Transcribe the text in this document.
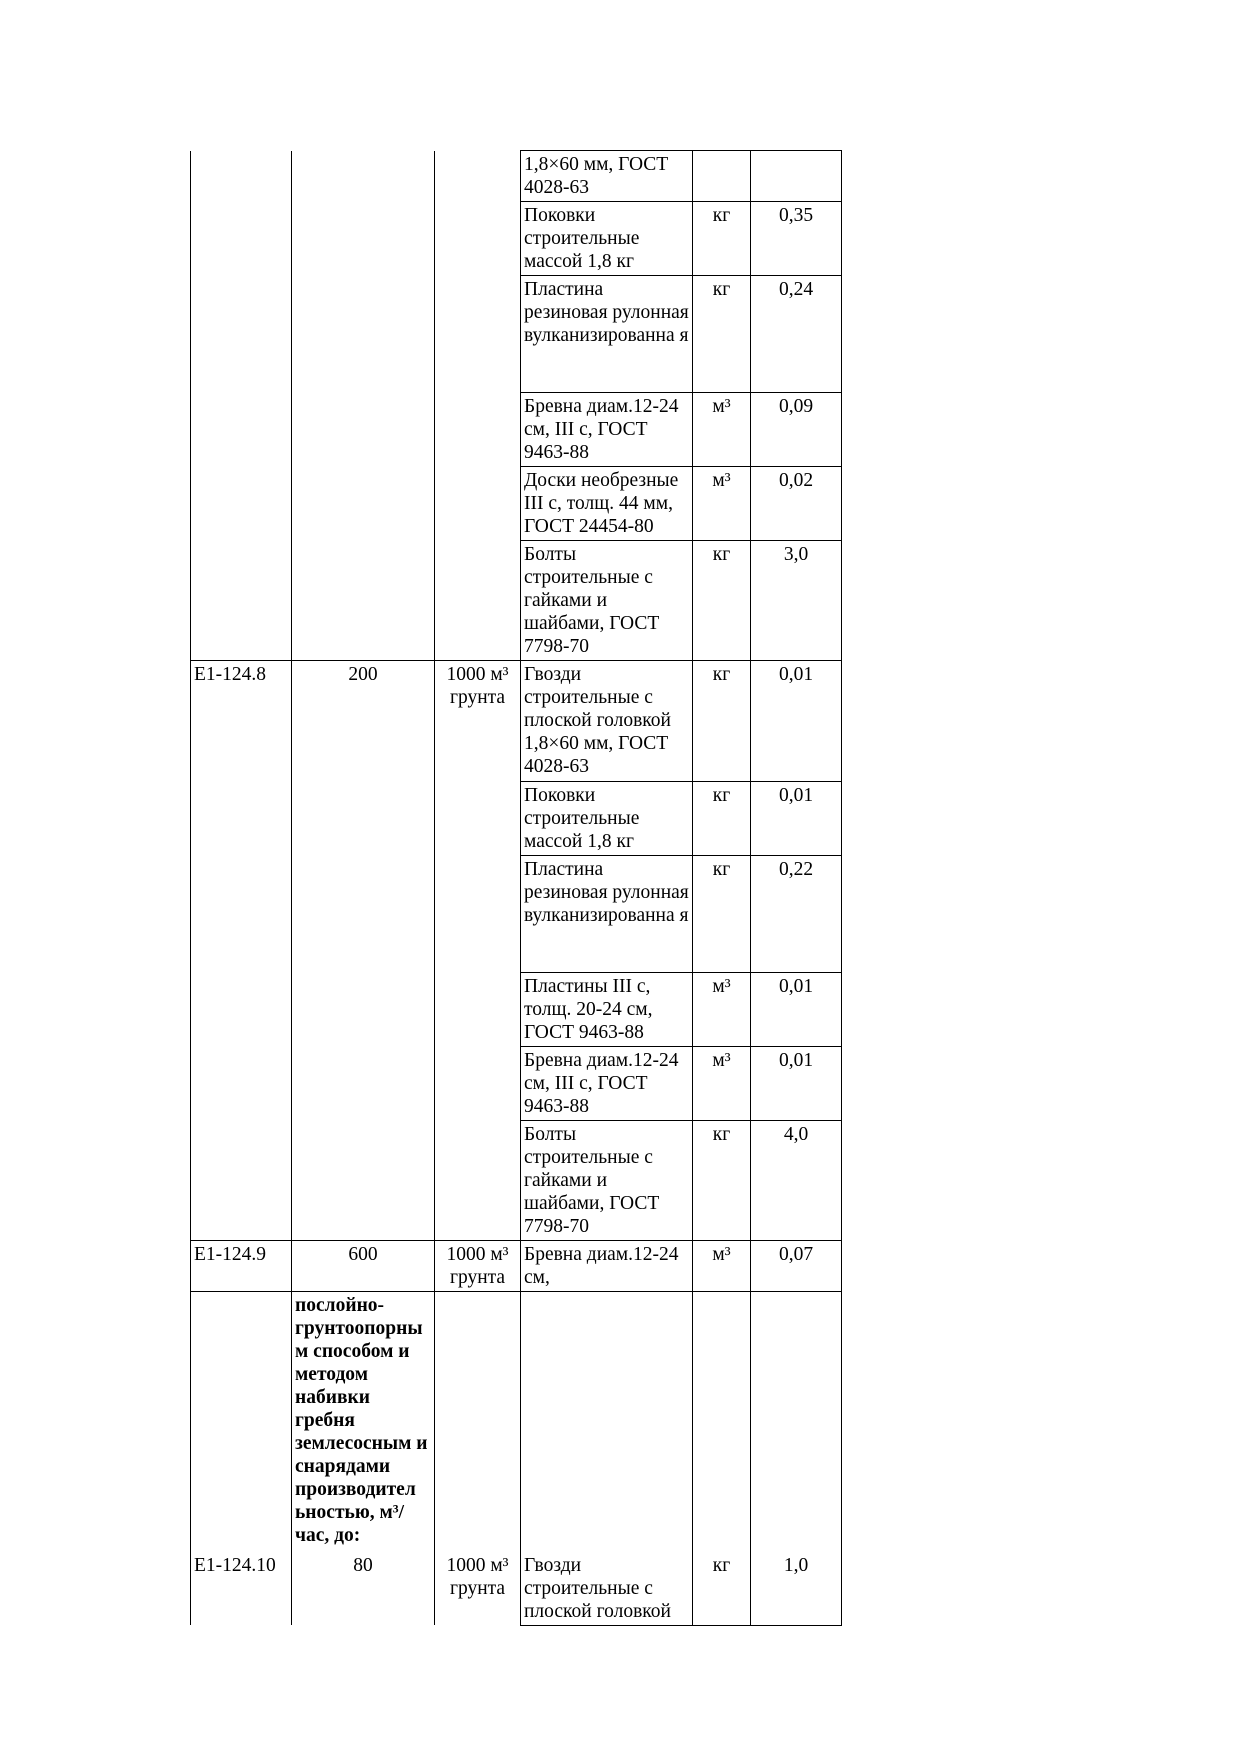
			1,8×60 мм, ГОСТ 4028-63		
			Поковки строительные массой 1,8 кг	кг	0,35
			Пластина резиновая рулонная вулканизированна я	кг	0,24
			Бревна диам.12-24 см, III с, ГОСТ 9463-88	м³	0,09
			Доски необрезные III с, толщ. 44 мм, ГОСТ 24454-80	м³	0,02
			Болты строительные с гайками и шайбами, ГОСТ 7798-70	кг	3,0
Е1-124.8	200	1000 м³ грунта	Гвозди строительные с плоской головкой 1,8×60 мм, ГОСТ 4028-63	кг	0,01
			Поковки строительные массой 1,8 кг	кг	0,01
			Пластина резиновая рулонная вулканизированна я	кг	0,22
			Пластины III с, толщ. 20-24 см, ГОСТ 9463-88	м³	0,01
			Бревна диам.12-24 см, III с, ГОСТ 9463-88	м³	0,01
			Болты строительные с гайками и шайбами, ГОСТ 7798-70	кг	4,0
Е1-124.9	600	1000 м³ грунта	Бревна диам.12-24 см,	м³	0,07
	послойно-грунтоопорны м способом и методом набивки гребня землесосным и снарядами производител ьностью, м³/час, до:				
Е1-124.10	80	1000 м³ грунта	Гвозди строительные с плоской головкой	кг	1,0
